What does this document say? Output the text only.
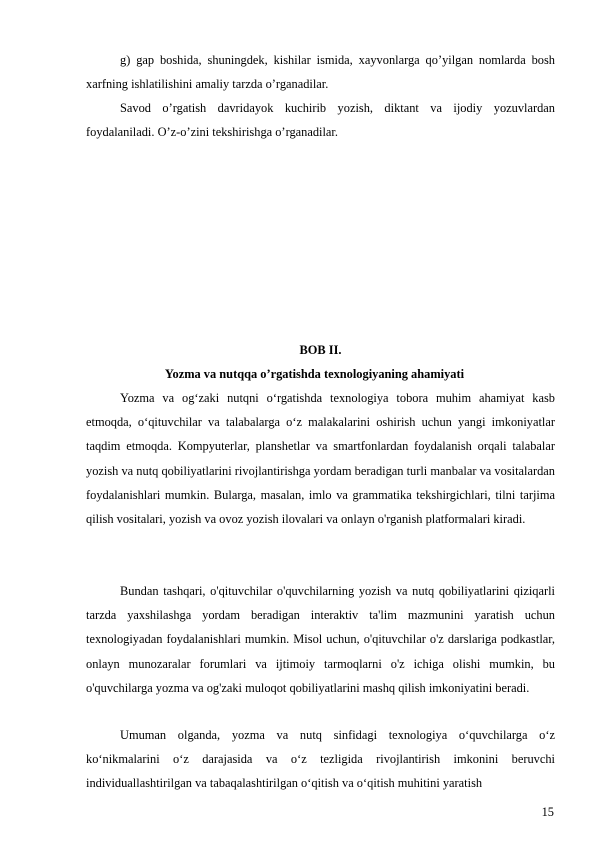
g) gap boshida, shuningdek, kishilar ismida, xayvonlarga qo’yilgan nomlarda bosh xarfning ishlatilishini amaliy tarzda o’rganadilar.

Savod o’rgatish davridayok kuchirib yozish, diktant va ijodiy yozuvlardan foydalaniladi. O’z-o’zini tekshirishga o’rganadilar.

BOB II.
Yozma va nutqqa o’rgatishda texnologiyaning ahamiyati

Yozma va og‘zaki nutqni o‘rgatishda texnologiya tobora muhim ahamiyat kasb etmoqda, o‘qituvchilar va talabalarga o‘z malakalarini oshirish uchun yangi imkoniyatlar taqdim etmoqda. Kompyuterlar, planshetlar va smartfonlardan foydalanish orqali talabalar yozish va nutq qobiliyatlarini rivojlantirishga yordam beradigan turli manbalar va vositalardan foydalanishlari mumkin. Bularga, masalan, imlo va grammatika tekshirgichlari, tilni tarjima qilish vositalari, yozish va ovoz yozish ilovalari va onlayn o'rganish platformalari kiradi.

Bundan tashqari, o'qituvchilar o'quvchilarning yozish va nutq qobiliyatlarini qiziqarli tarzda yaxshilashga yordam beradigan interaktiv ta'lim mazmunini yaratish uchun texnologiyadan foydalanishlari mumkin. Misol uchun, o'qituvchilar o'z darslariga podkastlar, onlayn munozaralar forumlari va ijtimoiy tarmoqlarni o'z ichiga olishi mumkin, bu o'quvchilarga yozma va og'zaki muloqot qobiliyatlarini mashq qilish imkoniyatini beradi.

Umuman olganda, yozma va nutq sinfidagi texnologiya o‘quvchilarga o‘z ko‘nikmalarini o‘z darajasida va o‘z tezligida rivojlantirish imkonini beruvchi individuallashtirilgan va tabaqalashtirilgan o‘qitish va o‘qitish muhitini yaratish

15
